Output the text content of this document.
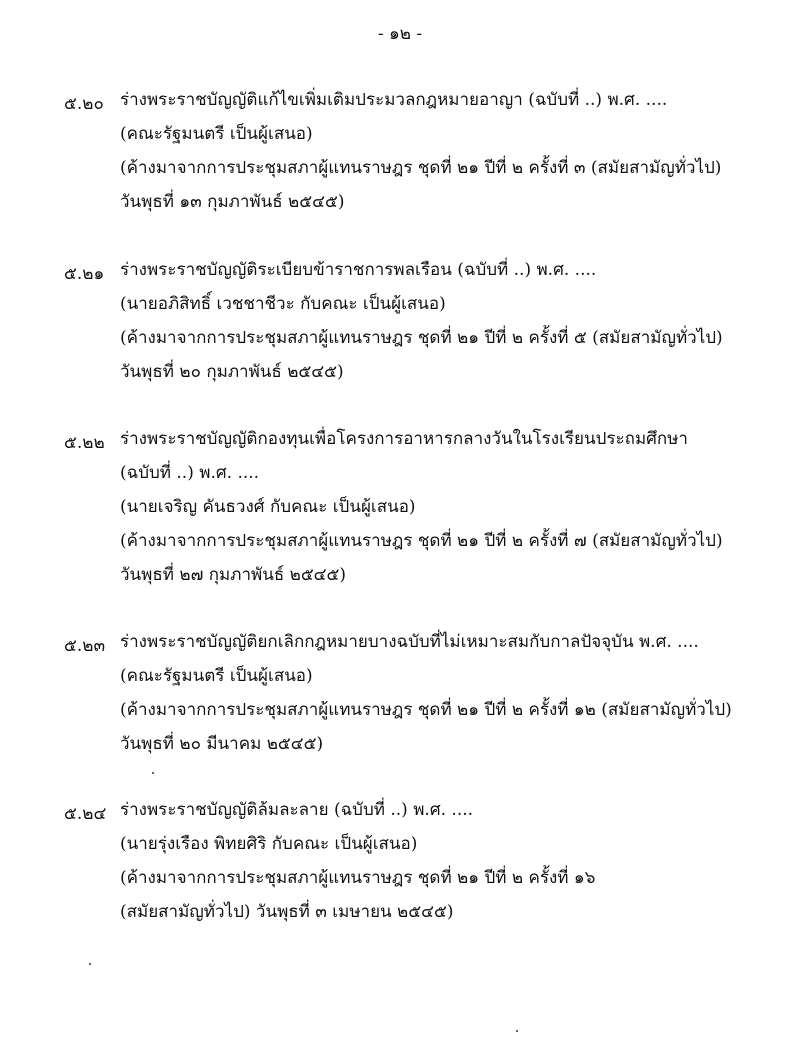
- ๑๒ -
๕.๒๐ ร่างพระราชบัญญัติแก้ไขเพิ่มเติมประมวลกฎหมายอาญา (ฉบับที่ ..) พ.ศ. ....
(คณะรัฐมนตรี เป็นผู้เสนอ)
(ค้างมาจากการประชุมสภาผู้แทนราษฎร ชุดที่ ๒๑ ปีที่ ๒ ครั้งที่ ๓ (สมัยสามัญทั่วไป)
วันพุธที่ ๑๓ กุมภาพันธ์ ๒๕๔๕)
๕.๒๑ ร่างพระราชบัญญัติระเบียบข้าราชการพลเรือน (ฉบับที่ ..) พ.ศ. ....
(นายอภิสิทธิ์ เวชชาชีวะ กับคณะ เป็นผู้เสนอ)
(ค้างมาจากการประชุมสภาผู้แทนราษฎร ชุดที่ ๒๑ ปีที่ ๒ ครั้งที่ ๕ (สมัยสามัญทั่วไป)
วันพุธที่ ๒๐ กุมภาพันธ์ ๒๕๔๕)
๕.๒๒ ร่างพระราชบัญญัติกองทุนเพื่อโครงการอาหารกลางวันในโรงเรียนประถมศึกษา
(ฉบับที่ ..) พ.ศ. ....
(นายเจริญ คันธวงศ์ กับคณะ เป็นผู้เสนอ)
(ค้างมาจากการประชุมสภาผู้แทนราษฎร ชุดที่ ๒๑ ปีที่ ๒ ครั้งที่ ๗ (สมัยสามัญทั่วไป)
วันพุธที่ ๒๗ กุมภาพันธ์ ๒๕๔๕)
๕.๒๓ ร่างพระราชบัญญัติยกเลิกกฎหมายบางฉบับที่ไม่เหมาะสมกับกาลปัจจุบัน พ.ศ. ....
(คณะรัฐมนตรี เป็นผู้เสนอ)
(ค้างมาจากการประชุมสภาผู้แทนราษฎร ชุดที่ ๒๑ ปีที่ ๒ ครั้งที่ ๑๒ (สมัยสามัญทั่วไป)
วันพุธที่ ๒๐ มีนาคม ๒๕๔๕)
๕.๒๔ ร่างพระราชบัญญัติล้มละลาย (ฉบับที่ ..) พ.ศ. ....
(นายรุ่งเรือง พิทยศิริ กับคณะ เป็นผู้เสนอ)
(ค้างมาจากการประชุมสภาผู้แทนราษฎร ชุดที่ ๒๑ ปีที่ ๒ ครั้งที่ ๑๖
(สมัยสามัญทั่วไป) วันพุธที่ ๓ เมษายน ๒๕๔๕)
